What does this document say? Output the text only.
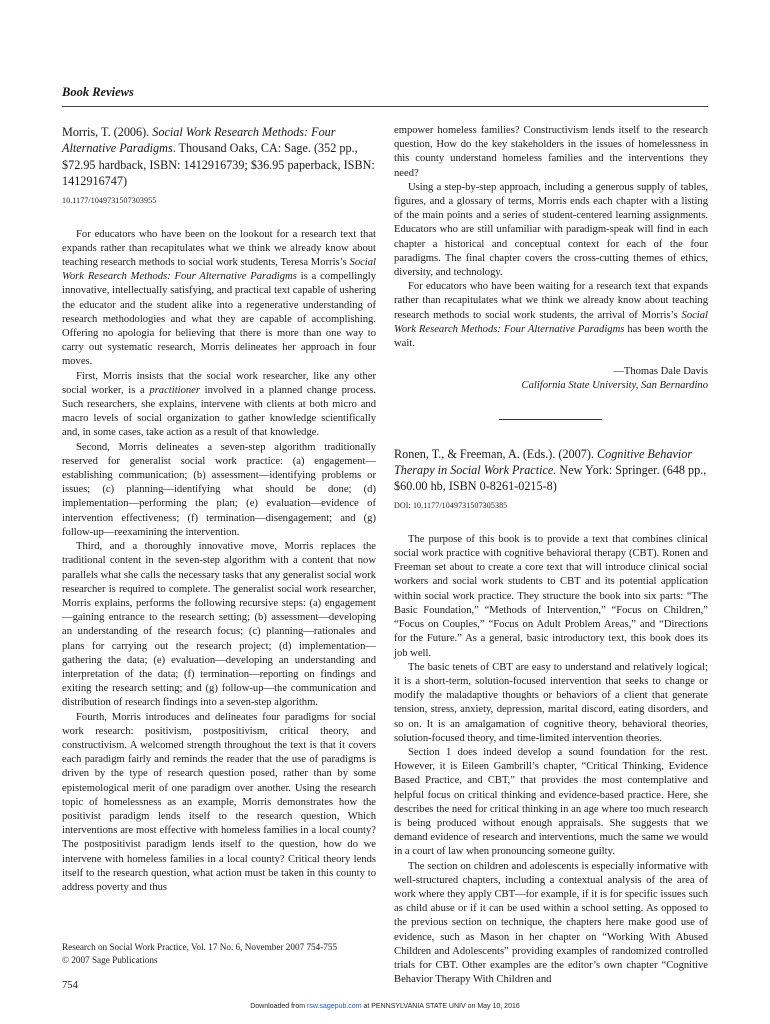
Book Reviews
Morris, T. (2006). Social Work Research Methods: Four Alternative Paradigms. Thousand Oaks, CA: Sage. (352 pp., $72.95 hardback, ISBN: 1412916739; $36.95 paperback, ISBN: 1412916747)
10.1177/1049731507303955

For educators who have been on the lookout for a research text that expands rather than recapitulates what we think we already know about teaching research methods to social work students, Teresa Morris’s Social Work Research Methods: Four Alternative Paradigms is a compellingly innovative, intellectually satisfying, and practical text capable of ushering the educator and the student alike into a regenerative understanding of research methodologies and what they are capable of accomplishing. Offering no apologia for believing that there is more than one way to carry out systematic research, Morris delineates her approach in four moves.

First, Morris insists that the social work researcher, like any other social worker, is a practitioner involved in a planned change process. Such researchers, she explains, intervene with clients at both micro and macro levels of social organization to gather knowledge scientifically and, in some cases, take action as a result of that knowledge.

Second, Morris delineates a seven-step algorithm traditionally reserved for generalist social work practice: (a) engagement—establishing communication; (b) assessment—identifying problems or issues; (c) planning—identifying what should be done; (d) implementation—performing the plan; (e) evaluation—evidence of intervention effectiveness; (f) termination—disengagement; and (g) follow-up—reexamining the intervention.

Third, and a thoroughly innovative move, Morris replaces the traditional content in the seven-step algorithm with a content that now parallels what she calls the necessary tasks that any generalist social work researcher is required to complete. The generalist social work researcher, Morris explains, performs the following recursive steps: (a) engagement—gaining entrance to the research setting; (b) assessment—developing an understanding of the research focus; (c) planning—rationales and plans for carrying out the research project; (d) implementation—gathering the data; (e) evaluation—developing an understanding and interpretation of the data; (f) termination—reporting on findings and exiting the research setting; and (g) follow-up—the communication and distribution of research findings into a seven-step algorithm.

Fourth, Morris introduces and delineates four paradigms for social work research: positivism, postpositivism, critical theory, and constructivism. A welcomed strength throughout the text is that it covers each paradigm fairly and reminds the reader that the use of paradigms is driven by the type of research question posed, rather than by some epistemological merit of one paradigm over another. Using the research topic of homelessness as an example, Morris demonstrates how the positivist paradigm lends itself to the research question, Which interventions are most effective with homeless families in a local county? The postpositivist paradigm lends itself to the question, how do we intervene with homeless families in a local county? Critical theory lends itself to the research question, what action must be taken in this county to address poverty and thus

empower homeless families? Constructivism lends itself to the research question, How do the key stakeholders in the issues of homelessness in this county understand homeless families and the interventions they need?

Using a step-by-step approach, including a generous supply of tables, figures, and a glossary of terms, Morris ends each chapter with a listing of the main points and a series of student-centered learning assignments. Educators who are still unfamiliar with paradigm-speak will find in each chapter a historical and conceptual context for each of the four paradigms. The final chapter covers the cross-cutting themes of ethics, diversity, and technology.

For educators who have been waiting for a research text that expands rather than recapitulates what we think we already know about teaching research methods to social work students, the arrival of Morris’s Social Work Research Methods: Four Alternative Paradigms has been worth the wait.

—Thomas Dale Davis
California State University, San Bernardino
Ronen, T., & Freeman, A. (Eds.). (2007). Cognitive Behavior Therapy in Social Work Practice. New York: Springer. (648 pp., $60.00 hb, ISBN 0-8261-0215-8)
DOI: 10.1177/1049731507305385

The purpose of this book is to provide a text that combines clinical social work practice with cognitive behavioral therapy (CBT). Ronen and Freeman set about to create a core text that will introduce clinical social workers and social work students to CBT and its potential application within social work practice. They structure the book into six parts: “The Basic Foundation,” “Methods of Intervention,” “Focus on Children,” “Focus on Couples,” “Focus on Adult Problem Areas,” and “Directions for the Future.” As a general, basic introductory text, this book does its job well.

The basic tenets of CBT are easy to understand and relatively logical; it is a short-term, solution-focused intervention that seeks to change or modify the maladaptive thoughts or behaviors of a client that generate tension, stress, anxiety, depression, marital discord, eating disorders, and so on. It is an amalgamation of cognitive theory, behavioral theories, solution-focused theory, and time-limited intervention theories.

Section 1 does indeed develop a sound foundation for the rest. However, it is Eileen Gambrill’s chapter, “Critical Thinking, Evidence Based Practice, and CBT,” that provides the most contemplative and helpful focus on critical thinking and evidence-based practice. Here, she describes the need for critical thinking in an age where too much research is being produced without enough appraisals. She suggests that we demand evidence of research and interventions, much the same we would in a court of law when pronouncing someone guilty.

The section on children and adolescents is especially informative with well-structured chapters, including a contextual analysis of the area of work where they apply CBT—for example, if it is for specific issues such as child abuse or if it can be used within a school setting. As opposed to the previous section on technique, the chapters here make good use of evidence, such as Mason in her chapter on “Working With Abused Children and Adolescents” providing examples of randomized controlled trials for CBT. Other examples are the editor’s own chapter “Cognitive Behavior Therapy With Children and

Research on Social Work Practice, Vol. 17 No. 6, November 2007 754-755
© 2007 Sage Publications
754
Downloaded from rsw.sagepub.com at PENNSYLVANIA STATE UNIV on May 10, 2016
